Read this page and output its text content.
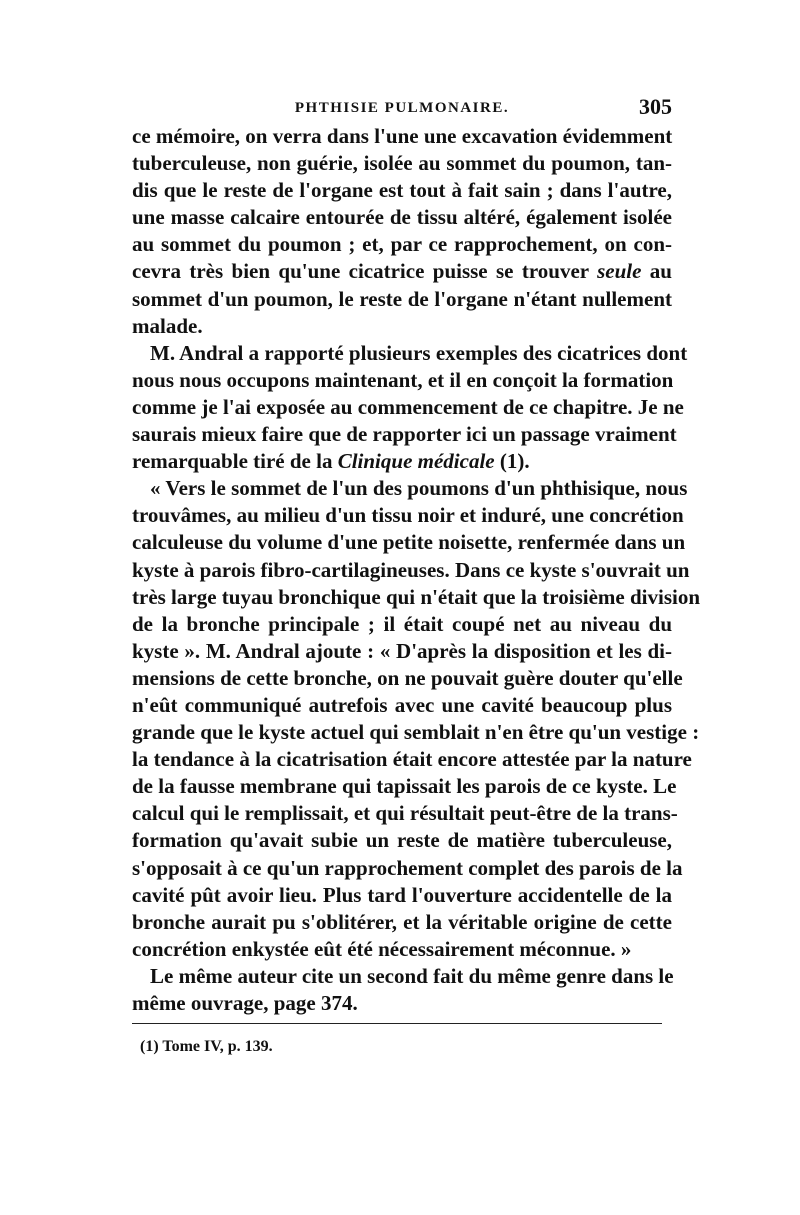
PHTHISIE PULMONAIRE.	305

ce mémoire, on verra dans l'une une excavation évidemment
tuberculeuse, non guérie, isolée au sommet du poumon, tan-
dis que le reste de l'organe est tout à fait sain ; dans l'autre,
une masse calcaire entourée de tissu altéré, également isolée
au sommet du poumon ; et, par ce rapprochement, on con-
cevra très bien qu'une cicatrice puisse se trouver seule au
sommet d'un poumon, le reste de l'organe n'étant nullement
malade.

M. Andral a rapporté plusieurs exemples des cicatrices dont
nous nous occupons maintenant, et il en conçoit la formation
comme je l'ai exposée au commencement de ce chapitre. Je ne
saurais mieux faire que de rapporter ici un passage vraiment
remarquable tiré de la Clinique médicale (1).

« Vers le sommet de l'un des poumons d'un phthisique, nous
trouvâmes, au milieu d'un tissu noir et induré, une concrétion
calculeuse du volume d'une petite noisette, renfermée dans un
kyste à parois fibro-cartilagineuses. Dans ce kyste s'ouvrait un
très large tuyau bronchique qui n'était que la troisième division
de la bronche principale ; il était coupé net au niveau du
kyste ». M. Andral ajoute : « D'après la disposition et les di-
mensions de cette bronche, on ne pouvait guère douter qu'elle
n'eût communiqué autrefois avec une cavité beaucoup plus
grande que le kyste actuel qui semblait n'en être qu'un vestige :
la tendance à la cicatrisation était encore attestée par la nature
de la fausse membrane qui tapissait les parois de ce kyste. Le
calcul qui le remplissait, et qui résultait peut-être de la trans-
formation qu'avait subie un reste de matière tuberculeuse,
s'opposait à ce qu'un rapprochement complet des parois de la
cavité pût avoir lieu. Plus tard l'ouverture accidentelle de la
bronche aurait pu s'oblitérer, et la véritable origine de cette
concrétion enkystée eût été nécessairement méconnue. »

Le même auteur cite un second fait du même genre dans le
même ouvrage, page 374.

(1) Tome IV, p. 139.
